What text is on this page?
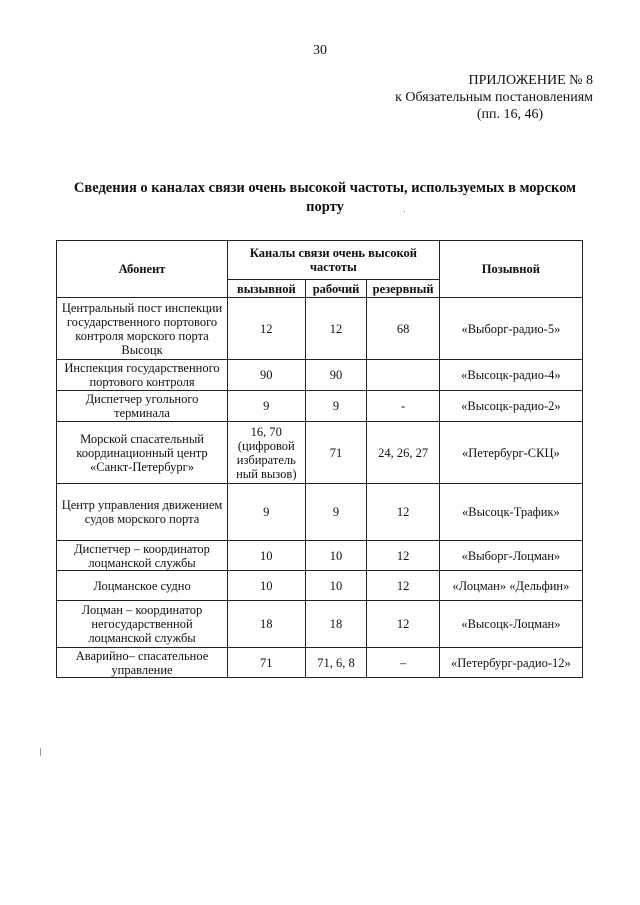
30
ПРИЛОЖЕНИЕ № 8
к Обязательным постановлениям
(пп. 16, 46)
Сведения о каналах связи очень высокой частоты, используемых в морском порту
Абонент	Каналы связи очень высокой частоты			Позывной
	вызывной	рабочий	резервный	
Центральный пост инспекции государственного портового контроля морского порта Высоцк	12	12	68	«Выборг-радио-5»
Инспекция государственного портового контроля	90	90		«Высоцк-радио-4»
Диспетчер угольного терминала	9	9	-	«Высоцк-радио-2»
Морской спасательный координационный центр «Санкт-Петербург»	16, 70 (цифровой избиратель ный вызов)	71	24, 26, 27	«Петербург-СКЦ»
Центр управления движением судов морского порта	9	9	12	«Высоцк-Трафик»
Диспетчер – координатор лоцманской службы	10	10	12	«Выборг-Лоцман»
Лоцманское судно	10	10	12	«Лоцман» «Дельфин»
Лоцман – координатор негосударственной лоцманской службы	18	18	12	«Высоцк-Лоцман»
Аварийно– спасательное управление	71	71, 6, 8	–	«Петербург-радио-12»
